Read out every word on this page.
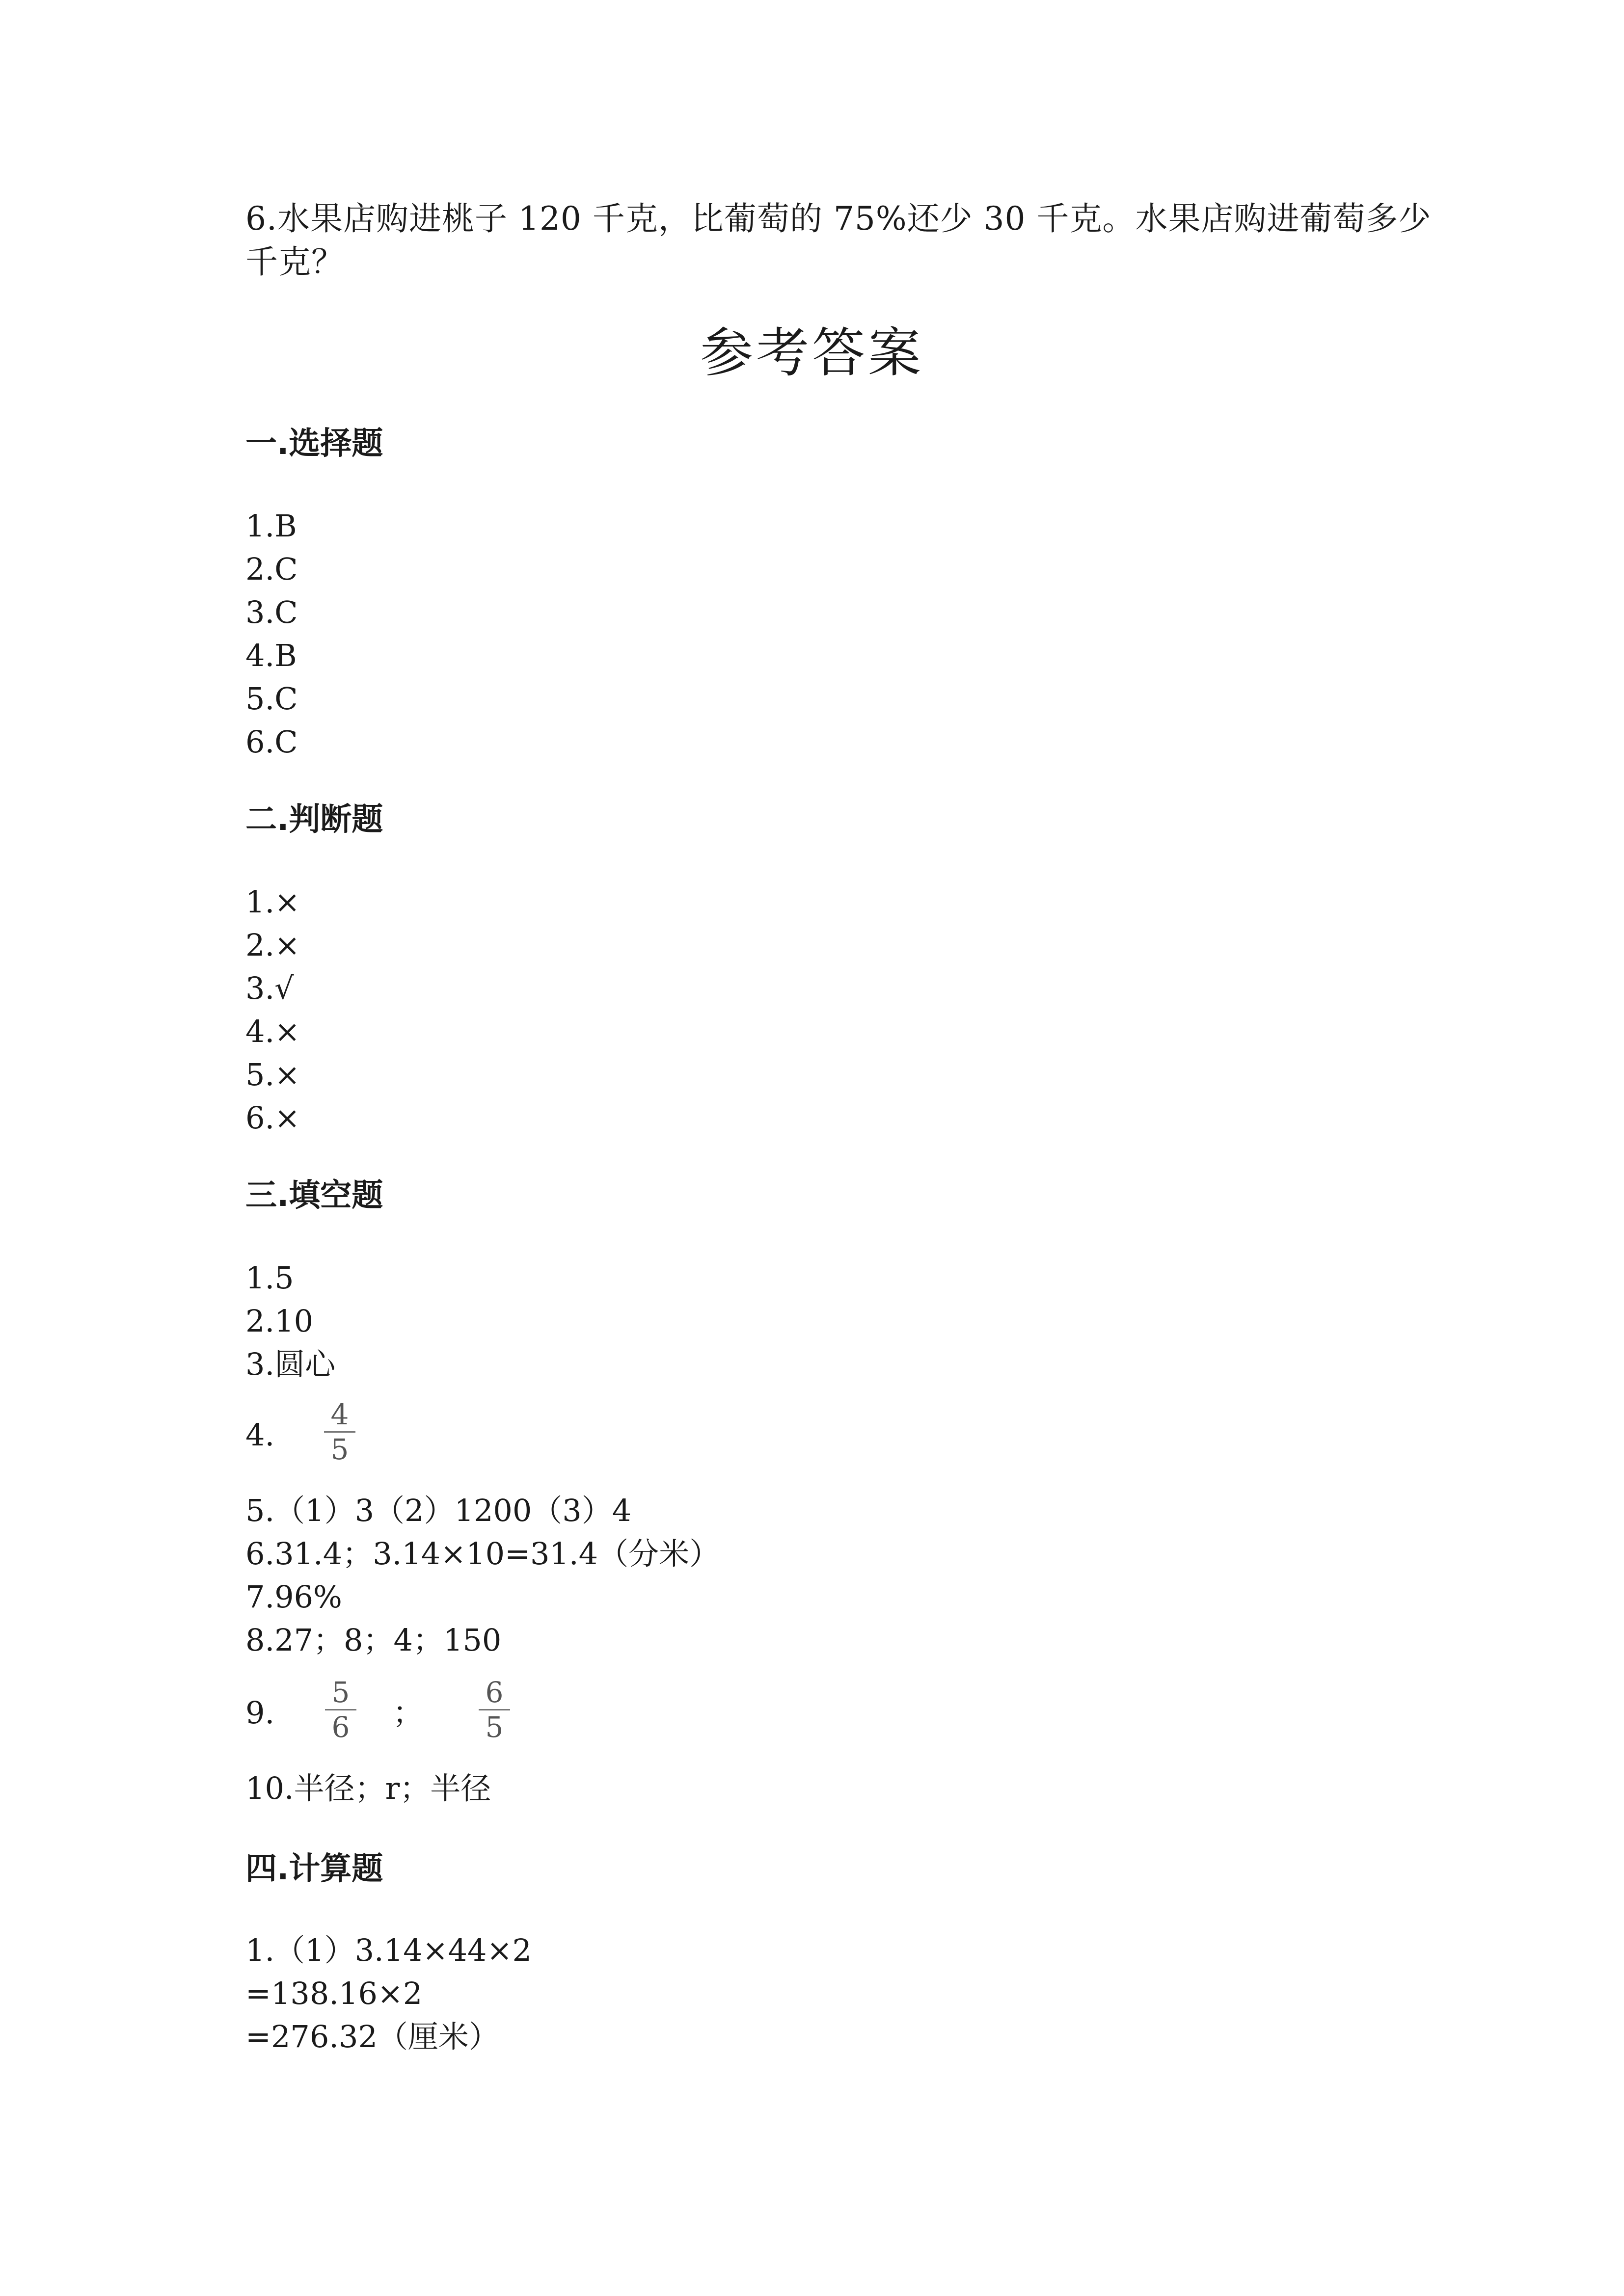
6.水果店购进桃子 120 千克，比葡萄的 75%还少 30 千克。水果店购进葡萄多少
千克？
参考答案
一.选择题
1.B
2.C
3.C
4.B
5.C
6.C
二.判断题
1.×
2.×
3.√
4.×
5.×
6.×
三.填空题
1.5
2.10
3.圆心
4.
4
5
5.（1）3（2）1200（3）4
6.31.4；3.14×10=31.4（分米）
7.96%
8.27；8；4；150
9.
5
6 ；
6
5
10.半径；r；半径
四.计算题
1.（1）3.14×44×2
=138.16×2
=276.32（厘米）
